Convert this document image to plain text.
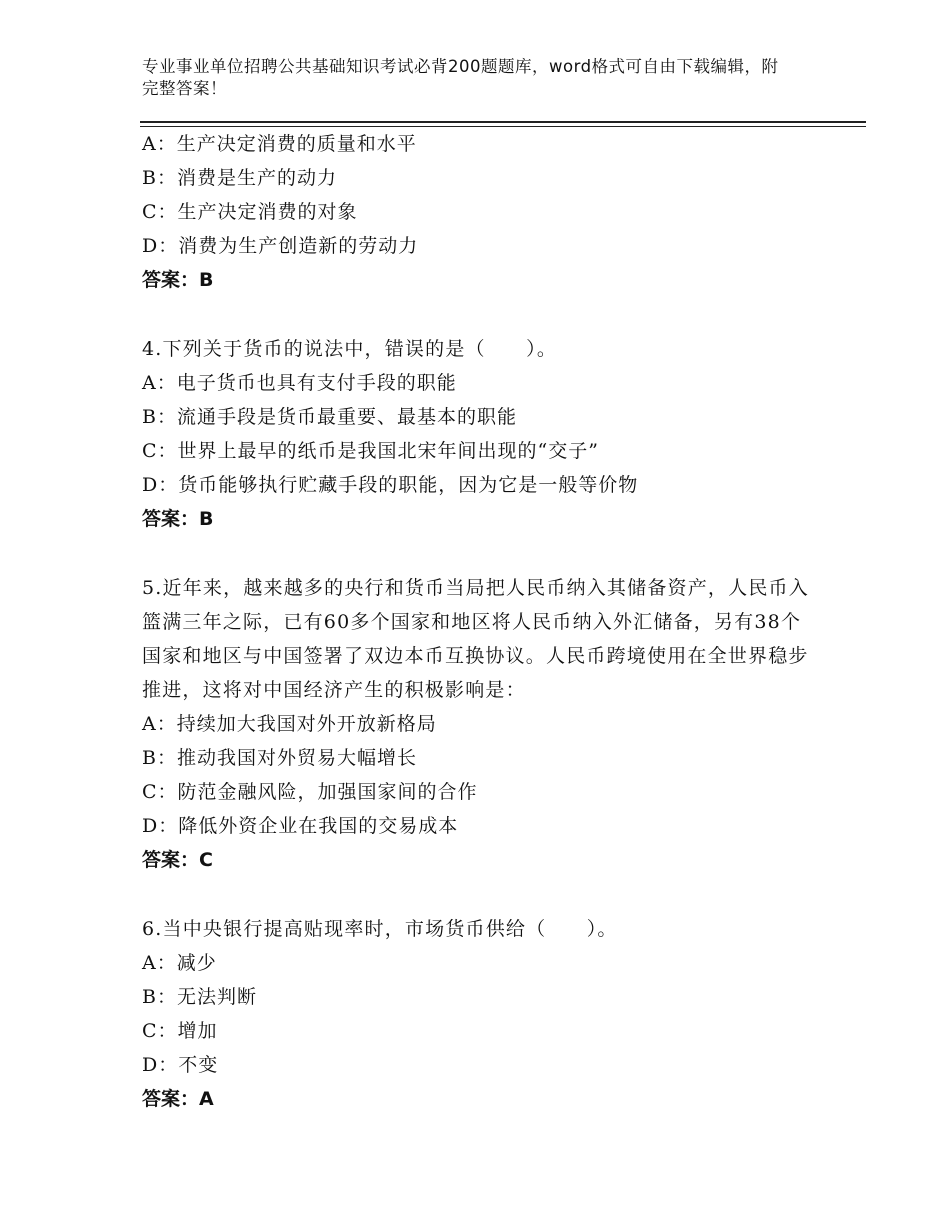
专业事业单位招聘公共基础知识考试必背200题题库，word格式可自由下载编辑，附完整答案！
A：生产决定消费的质量和水平
B：消费是生产的动力
C：生产决定消费的对象
D：消费为生产创造新的劳动力
答案：B
4.下列关于货币的说法中，错误的是（　　）。
A：电子货币也具有支付手段的职能
B：流通手段是货币最重要、最基本的职能
C：世界上最早的纸币是我国北宋年间出现的“交子”
D：货币能够执行贮藏手段的职能，因为它是一般等价物
答案：B
5.近年来，越来越多的央行和货币当局把人民币纳入其储备资产，人民币入篮满三年之际，已有60多个国家和地区将人民币纳入外汇储备，另有38个国家和地区与中国签署了双边本币互换协议。人民币跨境使用在全世界稳步推进，这将对中国经济产生的积极影响是：
A：持续加大我国对外开放新格局
B：推动我国对外贸易大幅增长
C：防范金融风险，加强国家间的合作
D：降低外资企业在我国的交易成本
答案：C
6.当中央银行提高贴现率时，市场货币供给（　　）。
A：减少
B：无法判断
C：增加
D：不变
答案：A
